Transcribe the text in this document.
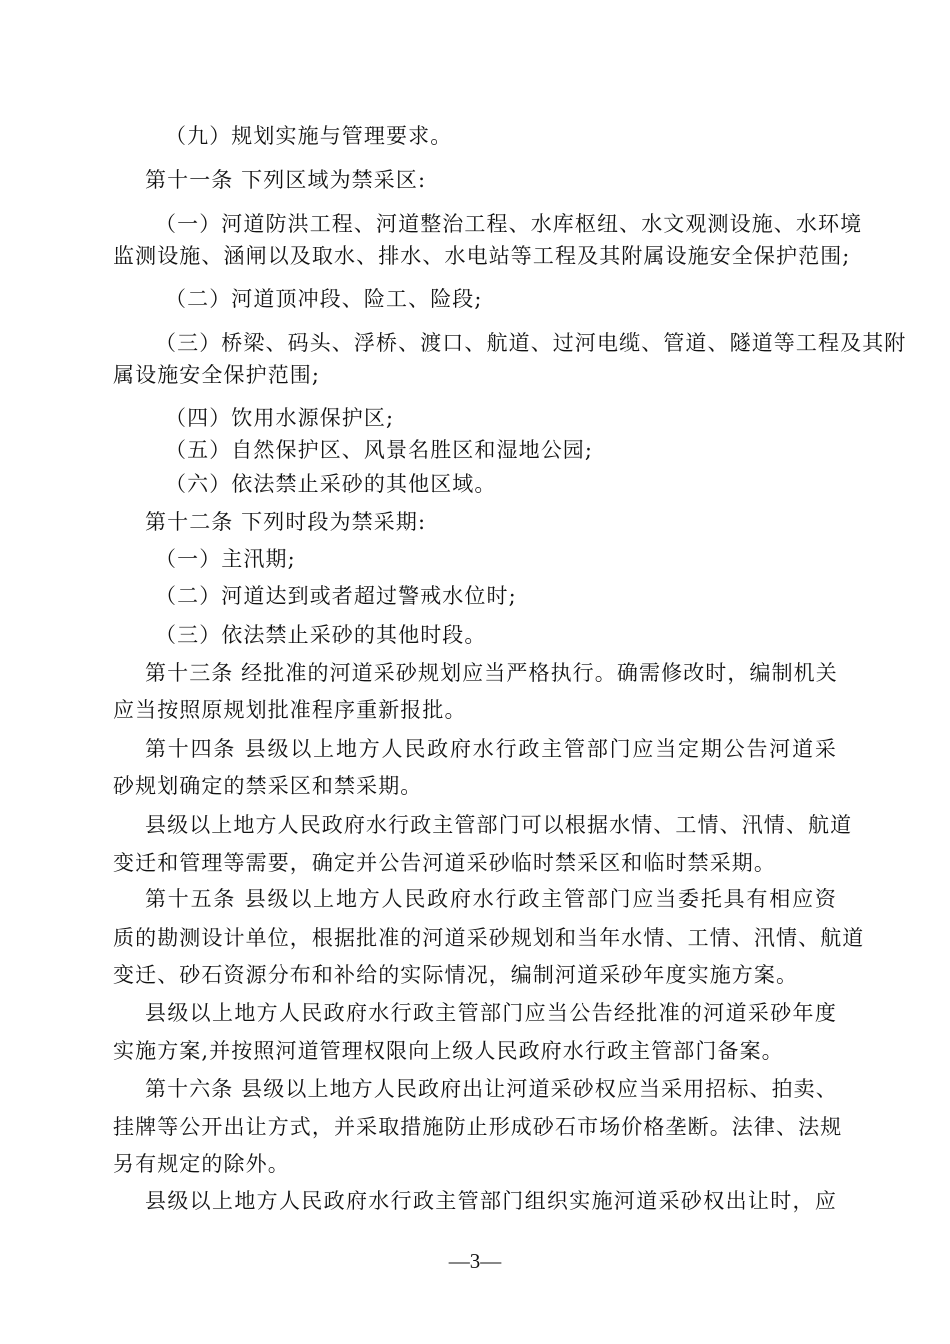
（九）规划实施与管理要求。
第十一条 下列区域为禁采区:
（一）河道防洪工程、河道整治工程、水库枢纽、水文观测设施、水环境
监测设施、涵闸以及取水、排水、水电站等工程及其附属设施安全保护范围;
（二）河道顶冲段、险工、险段;
（三）桥梁、码头、浮桥、渡口、航道、过河电缆、管道、隧道等工程及其附
属设施安全保护范围;
（四）饮用水源保护区;
（五）自然保护区、风景名胜区和湿地公园;
（六）依法禁止采砂的其他区域。
第十二条 下列时段为禁采期:
（一）主汛期;
（二）河道达到或者超过警戒水位时;
（三）依法禁止采砂的其他时段。
第十三条 经批准的河道采砂规划应当严格执行。确需修改时，编制机关
应当按照原规划批准程序重新报批。
第十四条 县级以上地方人民政府水行政主管部门应当定期公告河道采
砂规划确定的禁采区和禁采期。
县级以上地方人民政府水行政主管部门可以根据水情、工情、汛情、航道
变迁和管理等需要，确定并公告河道采砂临时禁采区和临时禁采期。
第十五条 县级以上地方人民政府水行政主管部门应当委托具有相应资
质的勘测设计单位，根据批准的河道采砂规划和当年水情、工情、汛情、航道
变迁、砂石资源分布和补给的实际情况，编制河道采砂年度实施方案。
县级以上地方人民政府水行政主管部门应当公告经批准的河道采砂年度
实施方案,并按照河道管理权限向上级人民政府水行政主管部门备案。
第十六条 县级以上地方人民政府出让河道采砂权应当采用招标、拍卖、
挂牌等公开出让方式，并采取措施防止形成砂石市场价格垄断。法律、法规
另有规定的除外。
县级以上地方人民政府水行政主管部门组织实施河道采砂权出让时，应
—3—
